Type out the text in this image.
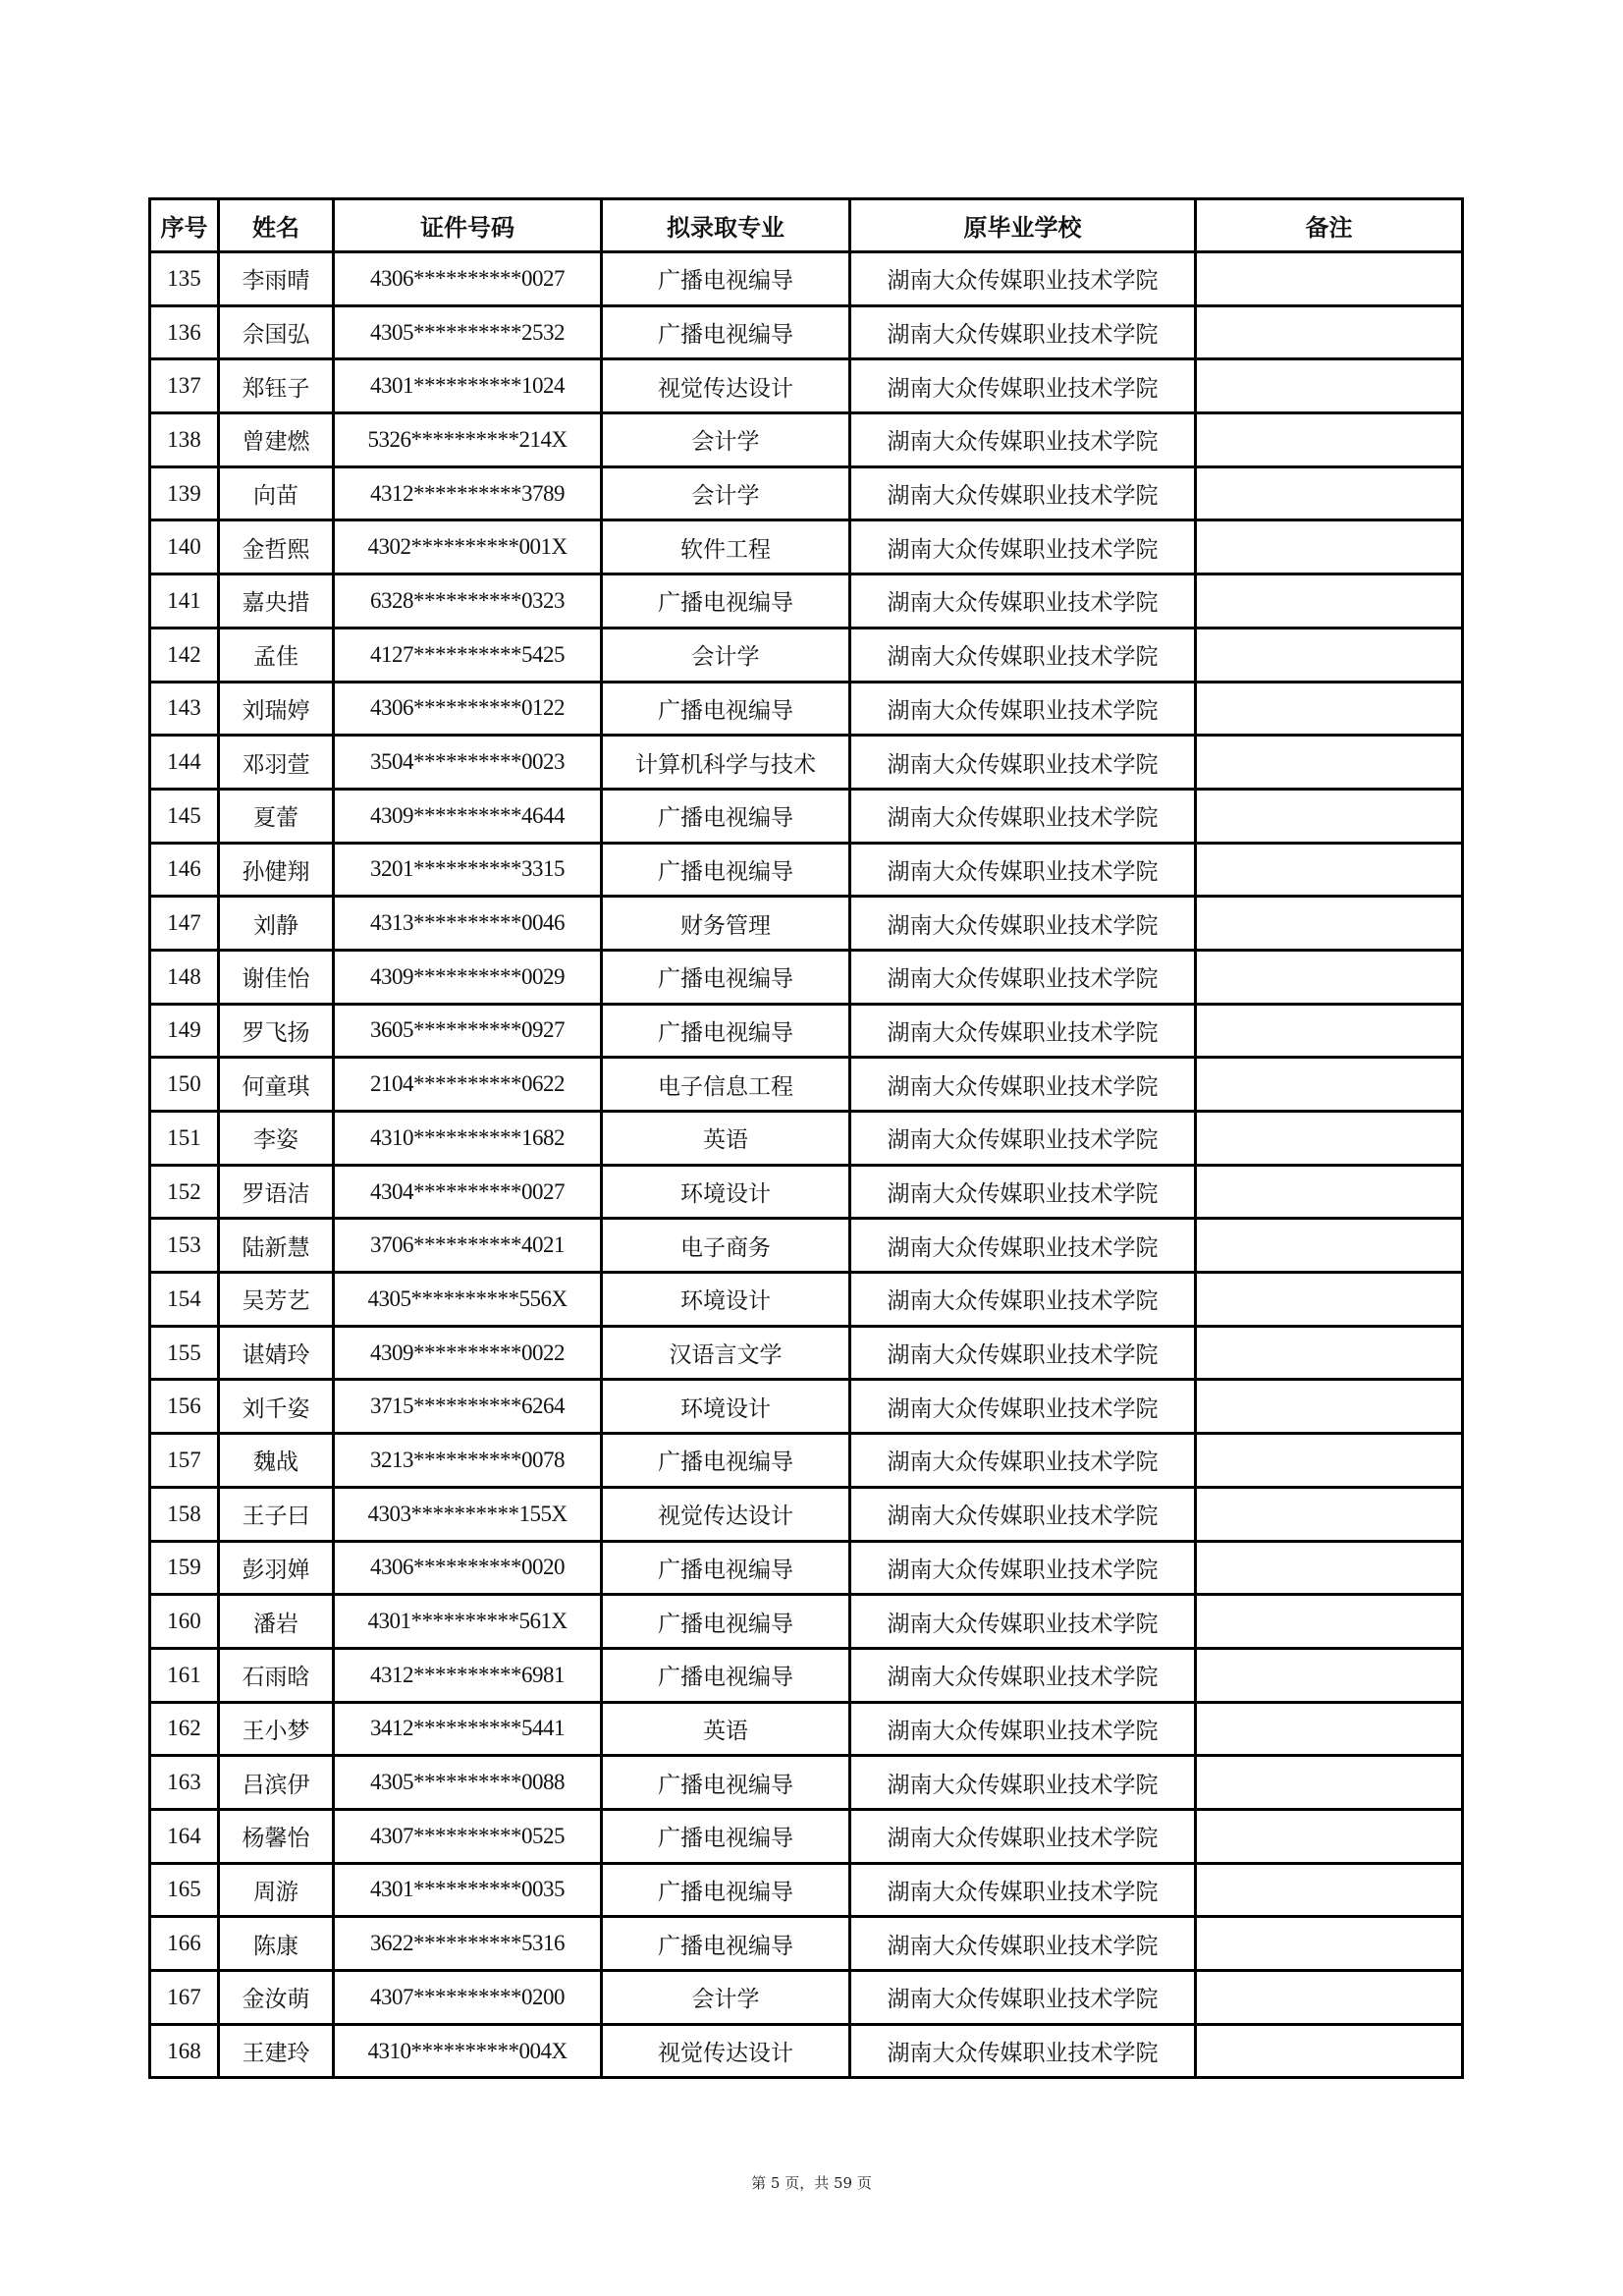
序号	姓名	证件号码	拟录取专业	原毕业学校	备注
135	李雨晴	4306**********0027	广播电视编导	湖南大众传媒职业技术学院	
136	佘国弘	4305**********2532	广播电视编导	湖南大众传媒职业技术学院	
137	郑钰子	4301**********1024	视觉传达设计	湖南大众传媒职业技术学院	
138	曾建燃	5326**********214X	会计学	湖南大众传媒职业技术学院	
139	向苗	4312**********3789	会计学	湖南大众传媒职业技术学院	
140	金哲熙	4302**********001X	软件工程	湖南大众传媒职业技术学院	
141	嘉央措	6328**********0323	广播电视编导	湖南大众传媒职业技术学院	
142	孟佳	4127**********5425	会计学	湖南大众传媒职业技术学院	
143	刘瑞婷	4306**********0122	广播电视编导	湖南大众传媒职业技术学院	
144	邓羽萱	3504**********0023	计算机科学与技术	湖南大众传媒职业技术学院	
145	夏蕾	4309**********4644	广播电视编导	湖南大众传媒职业技术学院	
146	孙健翔	3201**********3315	广播电视编导	湖南大众传媒职业技术学院	
147	刘静	4313**********0046	财务管理	湖南大众传媒职业技术学院	
148	谢佳怡	4309**********0029	广播电视编导	湖南大众传媒职业技术学院	
149	罗飞扬	3605**********0927	广播电视编导	湖南大众传媒职业技术学院	
150	何童琪	2104**********0622	电子信息工程	湖南大众传媒职业技术学院	
151	李姿	4310**********1682	英语	湖南大众传媒职业技术学院	
152	罗语洁	4304**********0027	环境设计	湖南大众传媒职业技术学院	
153	陆新慧	3706**********4021	电子商务	湖南大众传媒职业技术学院	
154	吴芳艺	4305**********556X	环境设计	湖南大众传媒职业技术学院	
155	谌婧玲	4309**********0022	汉语言文学	湖南大众传媒职业技术学院	
156	刘千姿	3715**********6264	环境设计	湖南大众传媒职业技术学院	
157	魏战	3213**********0078	广播电视编导	湖南大众传媒职业技术学院	
158	王子曰	4303**********155X	视觉传达设计	湖南大众传媒职业技术学院	
159	彭羽婵	4306**********0020	广播电视编导	湖南大众传媒职业技术学院	
160	潘岩	4301**********561X	广播电视编导	湖南大众传媒职业技术学院	
161	石雨晗	4312**********6981	广播电视编导	湖南大众传媒职业技术学院	
162	王小梦	3412**********5441	英语	湖南大众传媒职业技术学院	
163	吕滨伊	4305**********0088	广播电视编导	湖南大众传媒职业技术学院	
164	杨馨怡	4307**********0525	广播电视编导	湖南大众传媒职业技术学院	
165	周游	4301**********0035	广播电视编导	湖南大众传媒职业技术学院	
166	陈康	3622**********5316	广播电视编导	湖南大众传媒职业技术学院	
167	金汝萌	4307**********0200	会计学	湖南大众传媒职业技术学院	
168	王建玲	4310**********004X	视觉传达设计	湖南大众传媒职业技术学院	
第 5 页，共 59 页
